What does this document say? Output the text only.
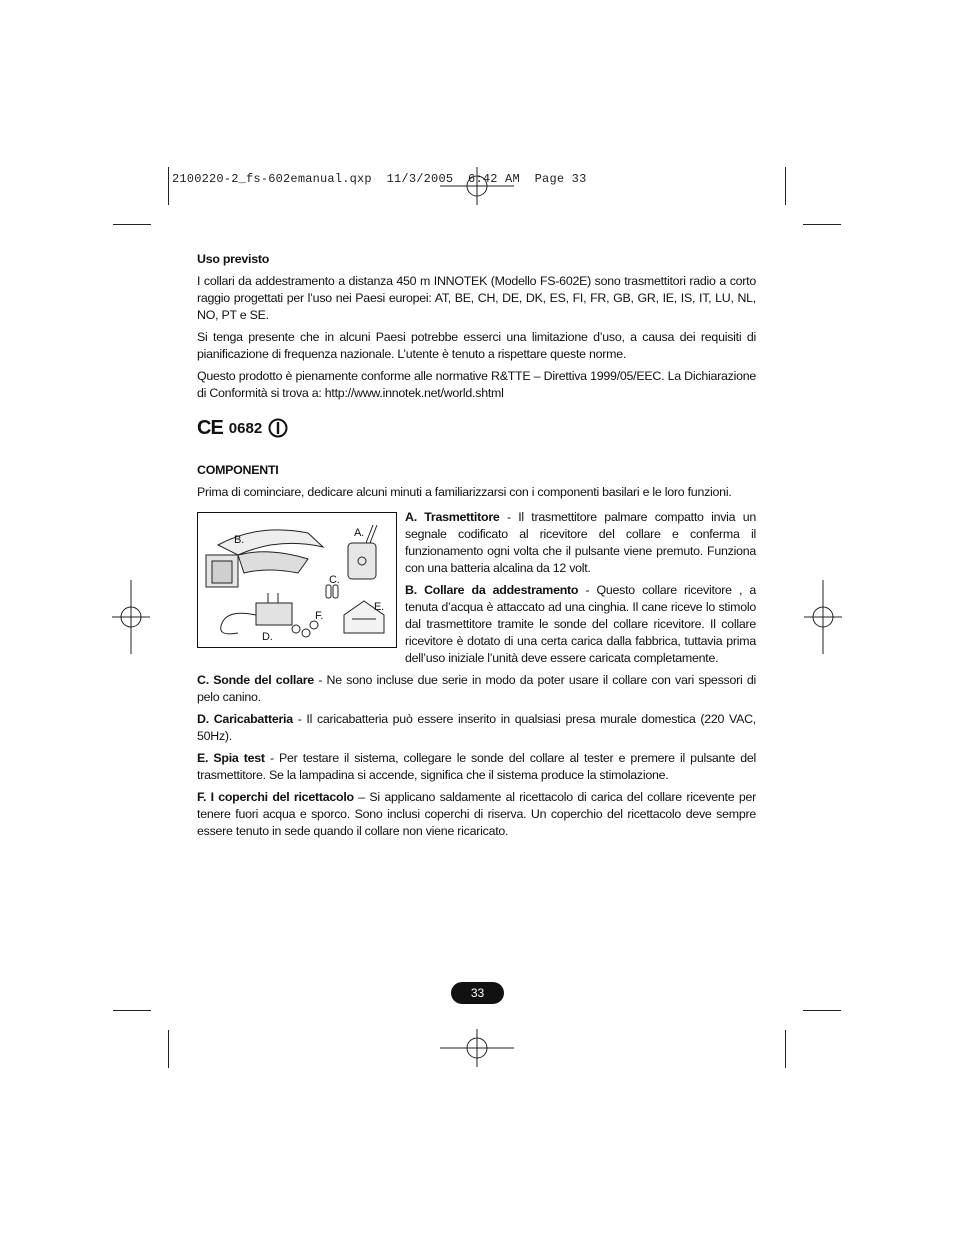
2100220-2_fs-602emanual.qxp  11/3/2005  6:42 AM  Page 33

Uso previsto

I collari da addestramento a distanza 450 m INNOTEK (Modello FS-602E) sono trasmettitori radio a corto raggio progettati per l’uso nei Paesi europei: AT, BE, CH, DE, DK, ES, FI, FR, GB, GR, IE, IS, IT, LU, NL, NO, PT e SE.

Si tenga presente che in alcuni Paesi potrebbe esserci una limitazione d’uso, a causa dei requisiti di pianificazione di frequenza nazionale. L’utente è tenuto a rispettare queste norme.

Questo prodotto è pienamente conforme alle normative R&TTE – Direttiva 1999/05/EEC. La Dichiarazione di Conformità si trova a: http://www.innotek.net/world.shtml

CE 0682

COMPONENTI

Prima di cominciare, dedicare alcuni minuti a familiarizzarsi con i componenti basilari e le loro funzioni.

A.
B.
C.
D.
E.
F.

A. Trasmettitore - Il trasmettitore palmare compatto invia un segnale codificato al ricevitore del collare e conferma il funzionamento ogni volta che il pulsante viene premuto. Funziona con una batteria alcalina da 12 volt.

B. Collare da addestramento - Questo collare ricevitore , a tenuta d’acqua è attaccato ad una cinghia. Il cane riceve lo stimolo dal trasmettitore tramite le sonde del collare ricevitore. Il collare ricevitore è dotato di una certa carica dalla fabbrica, tuttavia prima dell’uso iniziale l’unità deve essere caricata completamente.

C. Sonde del collare - Ne sono incluse due serie in modo da poter usare il collare con vari spessori di pelo canino.

D. Caricabatteria - Il caricabatteria può essere inserito in qualsiasi presa murale domestica (220 VAC, 50Hz).

E. Spia test - Per testare il sistema, collegare le sonde del collare al tester e premere il pulsante del trasmettitore. Se la lampadina si accende, significa che il sistema produce la stimolazione.

F. I coperchi del ricettacolo – Si applicano saldamente al ricettacolo di carica del collare ricevente per tenere fuori acqua e sporco. Sono inclusi coperchi di riserva. Un coperchio del ricettacolo deve sempre essere tenuto in sede quando il collare non viene ricaricato.

33
